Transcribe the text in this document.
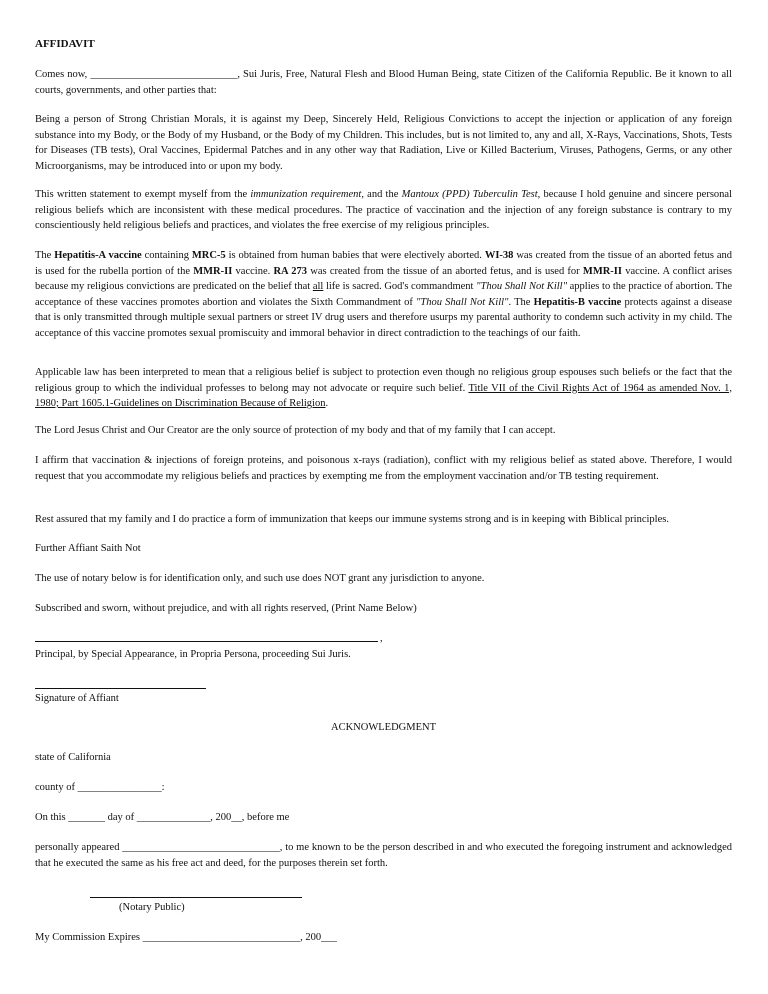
AFFIDAVIT
Comes now, ____________________________, Sui Juris, Free, Natural Flesh and Blood Human Being, state Citizen of the California Republic. Be it known to all courts, governments, and other parties that:
Being a person of Strong Christian Morals, it is against my Deep, Sincerely Held, Religious Convictions to accept the injection or application of any foreign substance into my Body, or the Body of my Husband, or the Body of my Children. This includes, but is not limited to, any and all, X-Rays, Vaccinations, Shots, Tests for Diseases (TB tests), Oral Vaccines, Epidermal Patches and in any other way that Radiation, Live or Killed Bacterium, Viruses, Pathogens, Germs, or any other Microorganisms, may be introduced into or upon my body.
This written statement to exempt myself from the immunization requirement, and the Mantoux (PPD) Tuberculin Test, because I hold genuine and sincere personal religious beliefs which are inconsistent with these medical procedures. The practice of vaccination and the injection of any foreign substance is contrary to my conscientiously held religious beliefs and practices, and violates the free exercise of my religious principles.
The Hepatitis-A vaccine containing MRC-5 is obtained from human babies that were electively aborted. WI-38 was created from the tissue of an aborted fetus and is used for the rubella portion of the MMR-II vaccine. RA 273 was created from the tissue of an aborted fetus, and is used for MMR-II vaccine. A conflict arises because my religious convictions are predicated on the belief that all life is sacred. God's commandment "Thou Shall Not Kill" applies to the practice of abortion. The acceptance of these vaccines promotes abortion and violates the Sixth Commandment of "Thou Shall Not Kill". The Hepatitis-B vaccine protects against a disease that is only transmitted through multiple sexual partners or street IV drug users and therefore usurps my parental authority to condemn such activity in my child. The acceptance of this vaccine promotes sexual promiscuity and immoral behavior in direct contradiction to the teachings of our faith.
Applicable law has been interpreted to mean that a religious belief is subject to protection even though no religious group espouses such beliefs or the fact that the religious group to which the individual professes to belong may not advocate or require such belief. Title VII of the Civil Rights Act of 1964 as amended Nov. 1, 1980; Part 1605.1-Guidelines on Discrimination Because of Religion.
The Lord Jesus Christ and Our Creator are the only source of protection of my body and that of my family that I can accept.
I affirm that vaccination & injections of foreign proteins, and poisonous x-rays (radiation), conflict with my religious belief as stated above. Therefore, I would request that you accommodate my religious beliefs and practices by exempting me from the employment vaccination and/or TB testing requirement.
Rest assured that my family and I do practice a form of immunization that keeps our immune systems strong and is in keeping with Biblical principles.
Further Affiant Saith Not
The use of notary below is for identification only, and such use does NOT grant any jurisdiction to anyone.
Subscribed and sworn, without prejudice, and with all rights reserved, (Print Name Below)
,
Principal, by Special Appearance, in Propria Persona, proceeding Sui Juris.
Signature of Affiant
ACKNOWLEDGMENT
state of California
county of ________________:
On this _______ day of ______________, 200__, before me
personally appeared ______________________________, to me known to be the person described in and who executed the foregoing instrument and acknowledged that he executed the same as his free act and deed, for the purposes therein set forth.
(Notary Public)
My Commission Expires ______________________________, 200___
